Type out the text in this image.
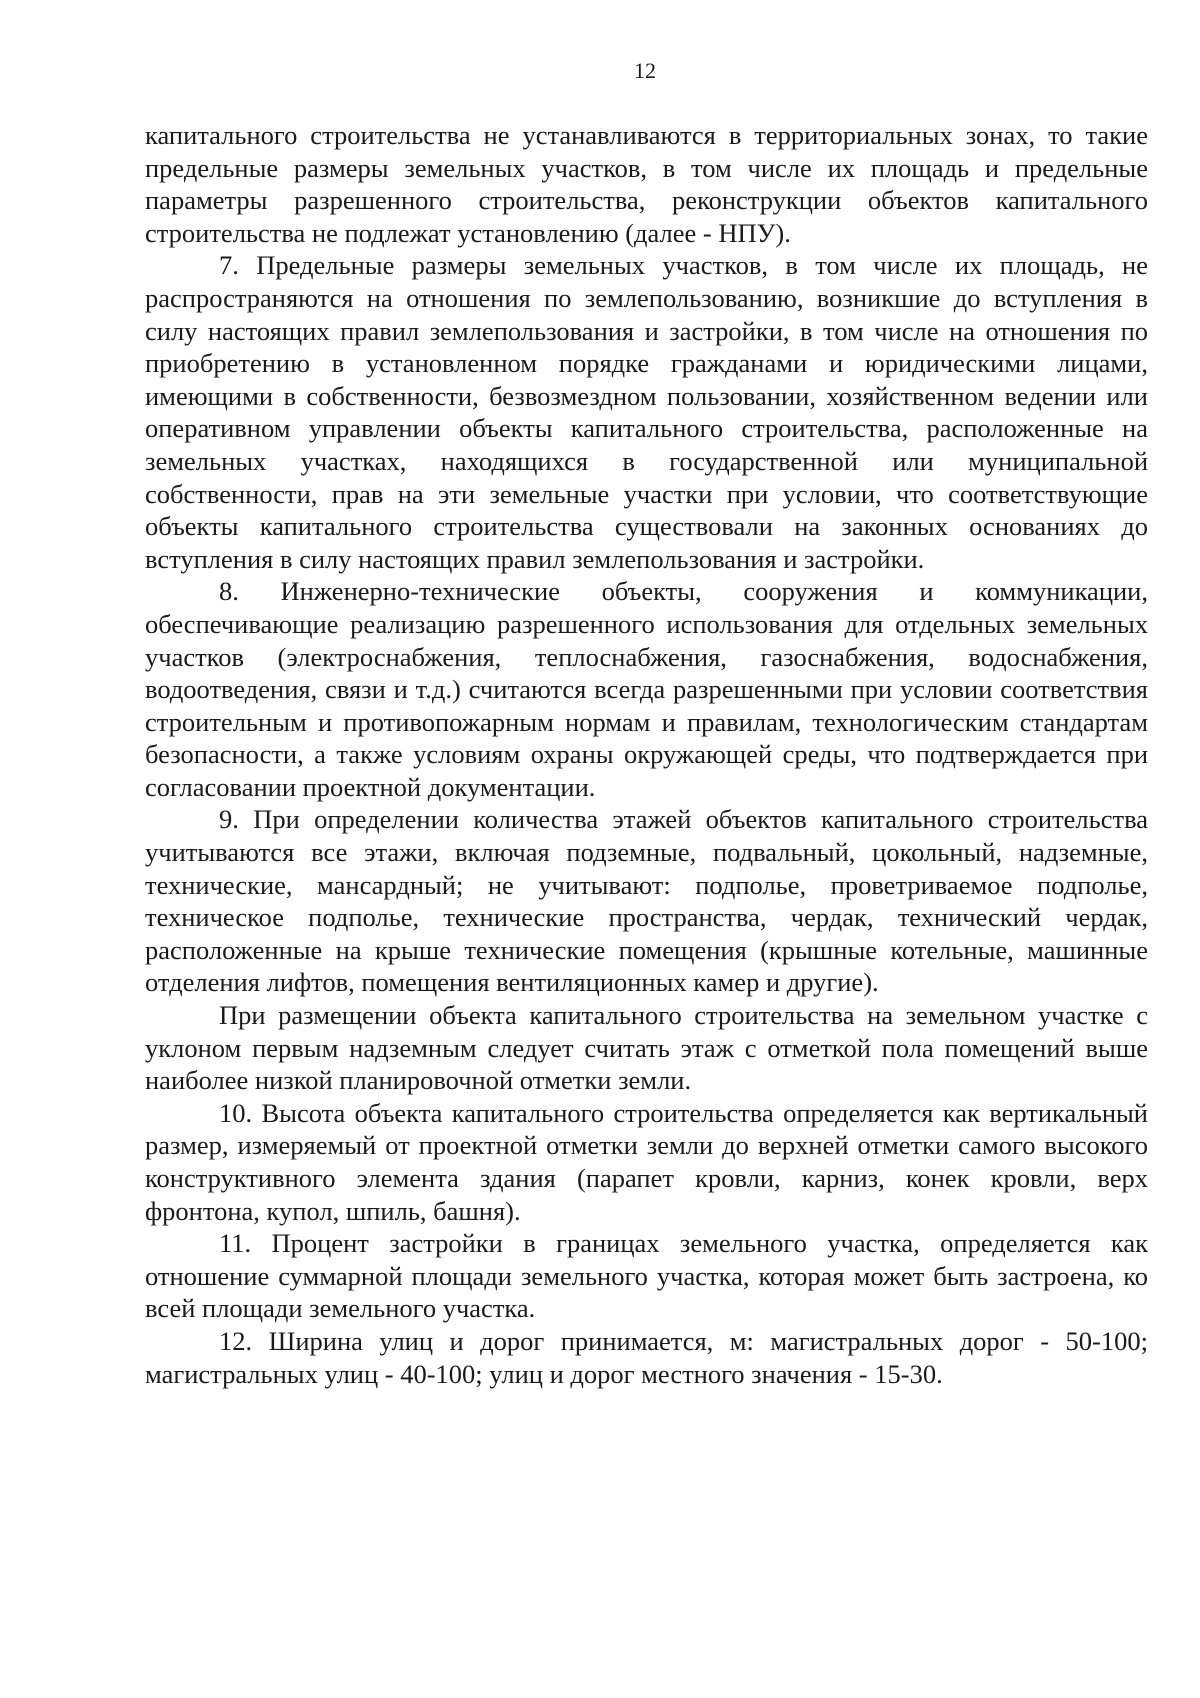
12

капитального строительства не устанавливаются в территориальных зонах, то такие предельные размеры земельных участков, в том числе их площадь и предельные параметры разрешенного строительства, реконструкции объектов капитального строительства не подлежат установлению (далее - НПУ).

7. Предельные размеры земельных участков, в том числе их площадь, не распространяются на отношения по землепользованию, возникшие до вступления в силу настоящих правил землепользования и застройки, в том числе на отношения по приобретению в установленном порядке гражданами и юридическими лицами, имеющими в собственности, безвозмездном пользовании, хозяйственном ведении или оперативном управлении объекты капитального строительства, расположенные на земельных участках, находящихся в государственной или муниципальной собственности, прав на эти земельные участки при условии, что соответствующие объекты капитального строительства существовали на законных основаниях до вступления в силу настоящих правил землепользования и застройки.

8. Инженерно-технические объекты, сооружения и коммуникации, обеспечивающие реализацию разрешенного использования для отдельных земельных участков (электроснабжения, теплоснабжения, газоснабжения, водоснабжения, водоотведения, связи и т.д.) считаются всегда разрешенными при условии соответствия строительным и противопожарным нормам и правилам, технологическим стандартам безопасности, а также условиям охраны окружающей среды, что подтверждается при согласовании проектной документации.

9. При определении количества этажей объектов капитального строительства учитываются все этажи, включая подземные, подвальный, цокольный, надземные, технические, мансардный; не учитывают: подполье, проветриваемое подполье, техническое подполье, технические пространства, чердак, технический чердак, расположенные на крыше технические помещения (крышные котельные, машинные отделения лифтов, помещения вентиляционных камер и другие).

При размещении объекта капитального строительства на земельном участке с уклоном первым надземным следует считать этаж с отметкой пола помещений выше наиболее низкой планировочной отметки земли.

10. Высота объекта капитального строительства определяется как вертикальный размер, измеряемый от проектной отметки земли до верхней отметки самого высокого конструктивного элемента здания (парапет кровли, карниз, конек кровли, верх фронтона, купол, шпиль, башня).

11. Процент застройки в границах земельного участка, определяется как отношение суммарной площади земельного участка, которая может быть застроена, ко всей площади земельного участка.

12. Ширина улиц и дорог принимается, м: магистральных дорог - 50-100; магистральных улиц - 40-100; улиц и дорог местного значения - 15-30.
